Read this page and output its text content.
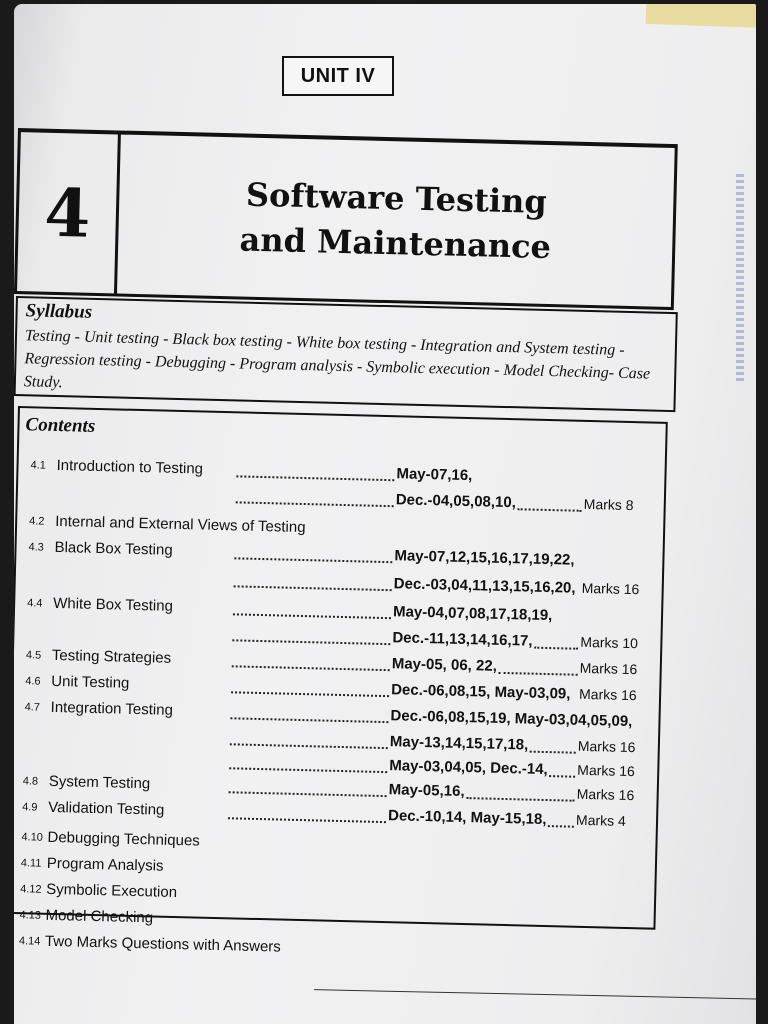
UNIT IV
4	Software Testing
and Maintenance

Syllabus

Testing - Unit testing - Black box testing - White box testing - Integration and System testing - Regression testing - Debugging - Program analysis - Symbolic execution - Model Checking- Case Study.

Contents
4.1 Introduction to Testing	May-07,16,
Dec.-04,05,08,10,	Marks 8
4.2 Internal and External Views of Testing
4.3 Black Box Testing	May-07,12,15,16,17,19,22,
Dec.-03,04,11,13,15,16,20, Marks 16
4.4 White Box Testing	May-04,07,08,17,18,19,
Dec.-11,13,14,16,17,	Marks 10
4.5 Testing Strategies	May-05, 06, 22,	Marks 16
4.6 Unit Testing	Dec.-06,08,15, May-03,09, Marks 16
4.7 Integration Testing	Dec.-06,08,15,19, May-03,04,05,09,
May-13,14,15,17,18,	Marks 16
May-03,04,05, Dec.-14, Marks 16
4.8 System Testing	May-05,16,	Marks 16
4.9 Validation Testing	Dec.-10,14, May-15,18, Marks 4
4.10 Debugging Techniques
4.11 Program Analysis
4.12 Symbolic Execution
4.13 Model Checking
4.14 Two Marks Questions with Answers
